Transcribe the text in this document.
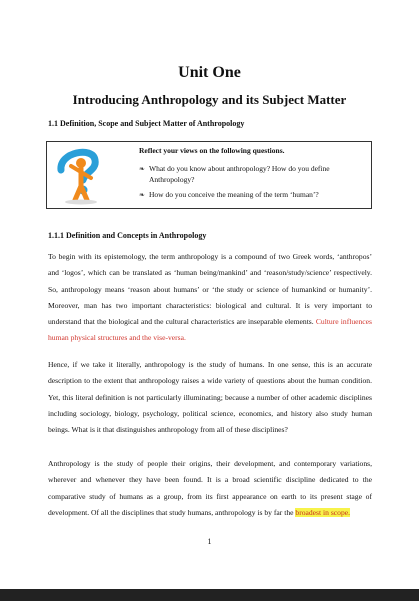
Unit One
Introducing Anthropology and its Subject Matter
1.1 Definition, Scope and Subject Matter of Anthropology
Reflect your views on the following questions.
❧ What do you know about anthropology? How do you define Anthropology?
❧ How do you conceive the meaning of the term ‘human’?
1.1.1 Definition and Concepts in Anthropology

To begin with its epistemology, the term anthropology is a compound of two Greek words, ‘anthropos’ and ‘logos’, which can be translated as ‘human being/mankind’ and ‘reason/study/science’ respectively. So, anthropology means ‘reason about humans’ or ‘the study or science of humankind or humanity’. Moreover, man has two important characteristics: biological and cultural. It is very important to understand that the biological and the cultural characteristics are inseparable elements. Culture influences human physical structures and the vise-versa.

Hence, if we take it literally, anthropology is the study of humans. In one sense, this is an accurate description to the extent that anthropology raises a wide variety of questions about the human condition. Yet, this literal definition is not particularly illuminating; because a number of other academic disciplines including sociology, biology, psychology, political science, economics, and history also study human beings. What is it that distinguishes anthropology from all of these disciplines?

Anthropology is the study of people their origins, their development, and contemporary variations, wherever and whenever they have been found. It is a broad scientific discipline dedicated to the comparative study of humans as a group, from its first appearance on earth to its present stage of development. Of all the disciplines that study humans, anthropology is by far the broadest in scope.

1
